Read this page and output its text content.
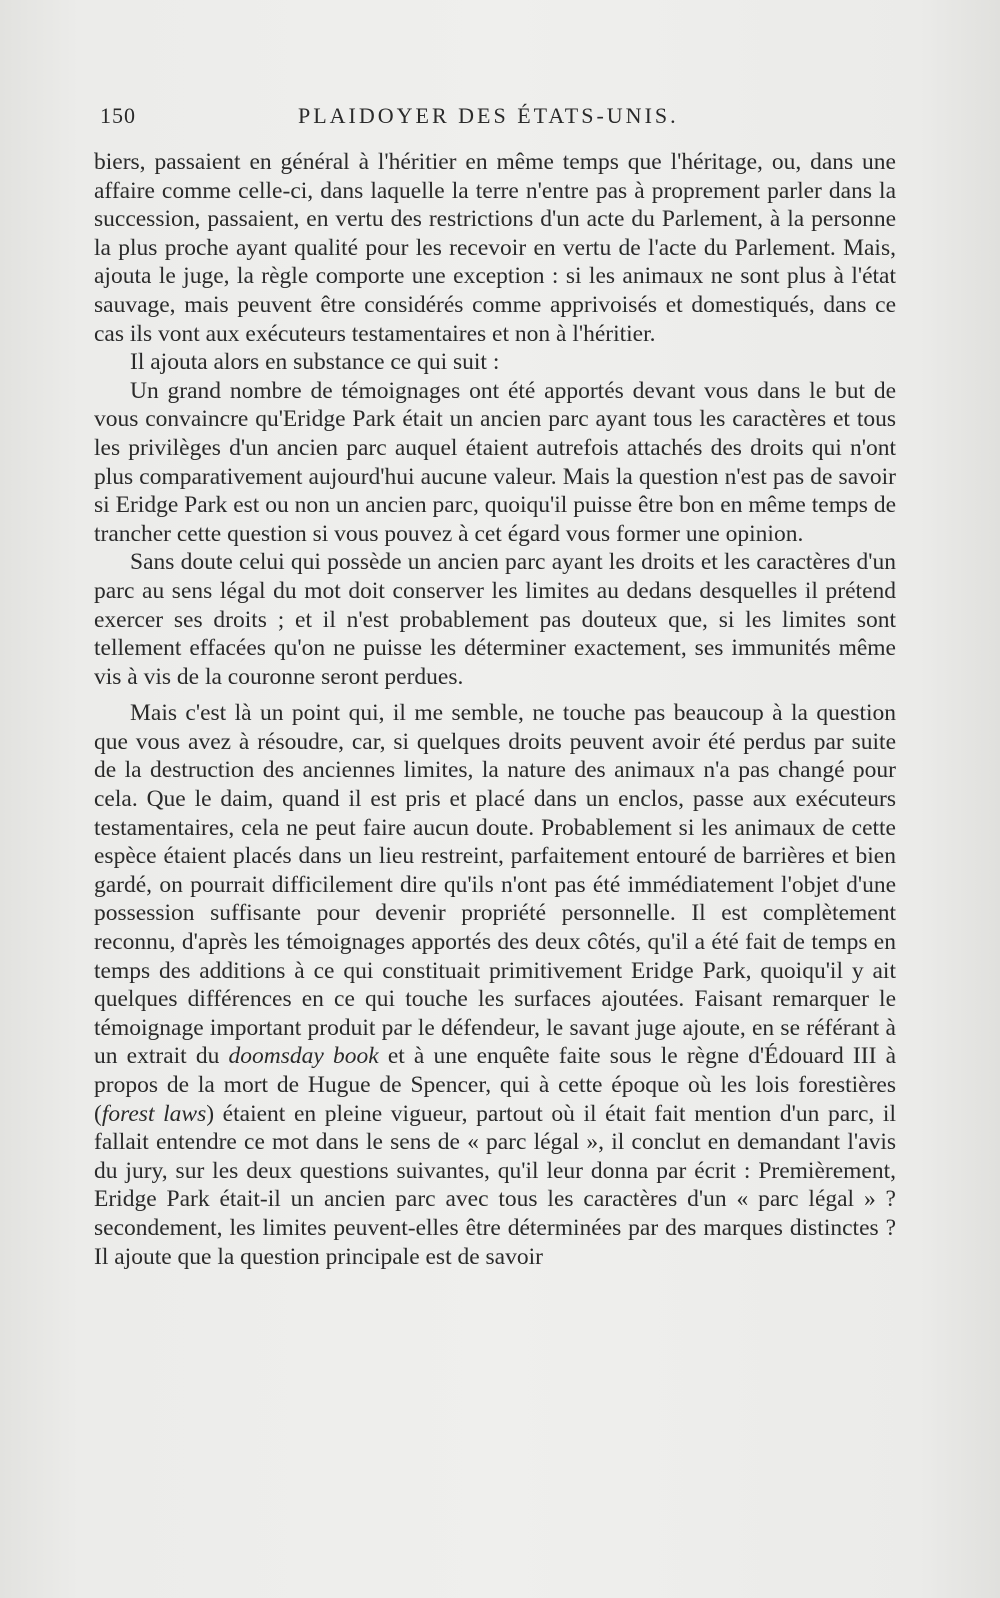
150	PLAIDOYER DES ÉTATS-UNIS.

biers, passaient en général à l'héritier en même temps que l'héritage, ou, dans une affaire comme celle-ci, dans laquelle la terre n'entre pas à proprement parler dans la succession, passaient, en vertu des restrictions d'un acte du Parlement, à la personne la plus proche ayant qualité pour les recevoir en vertu de l'acte du Parlement. Mais, ajouta le juge, la règle comporte une exception : si les animaux ne sont plus à l'état sauvage, mais peuvent être considérés comme apprivoisés et domestiqués, dans ce cas ils vont aux exécuteurs testamentaires et non à l'héritier.

Il ajouta alors en substance ce qui suit :

Un grand nombre de témoignages ont été apportés devant vous dans le but de vous convaincre qu'Eridge Park était un ancien parc ayant tous les caractères et tous les privilèges d'un ancien parc auquel étaient autrefois attachés des droits qui n'ont plus comparativement aujourd'hui aucune valeur. Mais la question n'est pas de savoir si Eridge Park est ou non un ancien parc, quoiqu'il puisse être bon en même temps de trancher cette question si vous pouvez à cet égard vous former une opinion.

Sans doute celui qui possède un ancien parc ayant les droits et les caractères d'un parc au sens légal du mot doit conserver les limites au dedans desquelles il prétend exercer ses droits ; et il n'est probablement pas douteux que, si les limites sont tellement effacées qu'on ne puisse les déterminer exactement, ses immunités même vis à vis de la couronne seront perdues.

Mais c'est là un point qui, il me semble, ne touche pas beaucoup à la question que vous avez à résoudre, car, si quelques droits peuvent avoir été perdus par suite de la destruction des anciennes limites, la nature des animaux n'a pas changé pour cela. Que le daim, quand il est pris et placé dans un enclos, passe aux exécuteurs testamentaires, cela ne peut faire aucun doute. Probablement si les animaux de cette espèce étaient placés dans un lieu restreint, parfaitement entouré de barrières et bien gardé, on pourrait difficilement dire qu'ils n'ont pas été immédiatement l'objet d'une possession suffisante pour devenir propriété personnelle. Il est complètement reconnu, d'après les témoignages apportés des deux côtés, qu'il a été fait de temps en temps des additions à ce qui constituait primitivement Eridge Park, quoiqu'il y ait quelques différences en ce qui touche les surfaces ajoutées. Faisant remarquer le témoignage important produit par le défendeur, le savant juge ajoute, en se référant à un extrait du doomsday book et à une enquête faite sous le règne d'Édouard III à propos de la mort de Hugue de Spencer, qui à cette époque où les lois forestières (forest laws) étaient en pleine vigueur, partout où il était fait mention d'un parc, il fallait entendre ce mot dans le sens de « parc légal », il conclut en demandant l'avis du jury, sur les deux questions suivantes, qu'il leur donna par écrit : Premièrement, Eridge Park était-il un ancien parc avec tous les caractères d'un « parc légal » ? secondement, les limites peuvent-elles être déterminées par des marques distinctes ? Il ajoute que la question principale est de savoir
